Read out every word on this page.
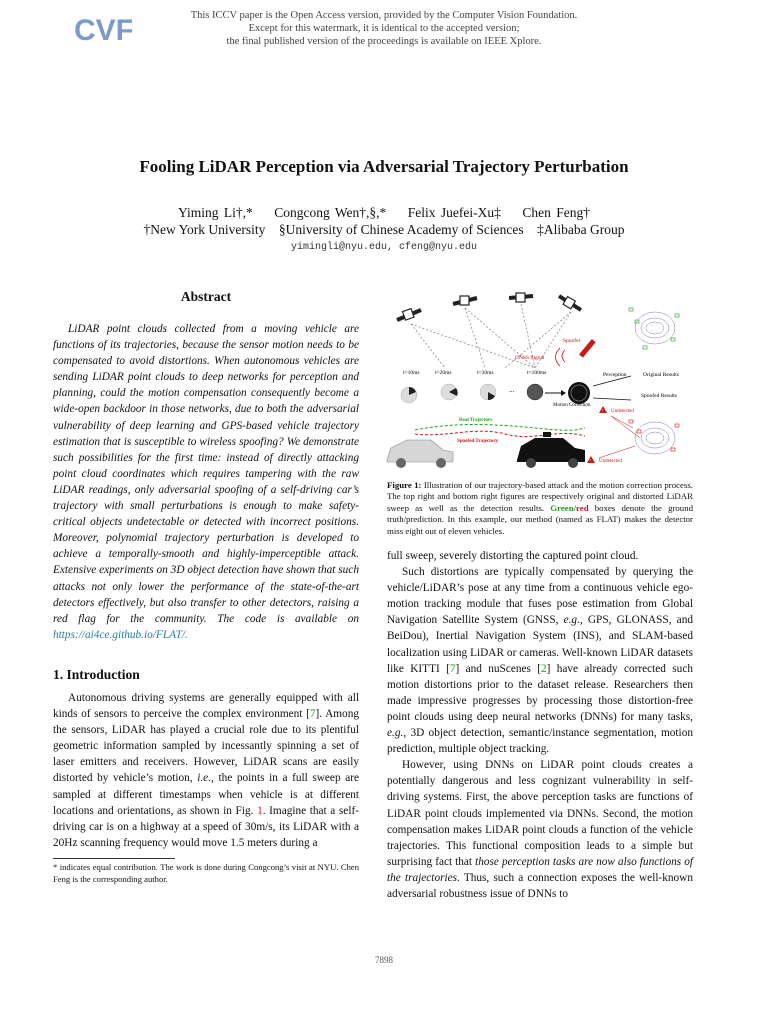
CVF	This ICCV paper is the Open Access version, provided by the Computer Vision Foundation.
Except for this watermark, it is identical to the accepted version;
the final published version of the proceedings is available on IEEE Xplore.
Fooling LiDAR Perception via Adversarial Trajectory Perturbation
Yiming Li†,*    Congcong Wen†,§,*    Felix Juefei-Xu‡    Chen Feng†
†New York University    §University of Chinese Academy of Sciences    ‡Alibaba Group
yimingli@nyu.edu, cfeng@nyu.edu
Abstract

LiDAR point clouds collected from a moving vehicle are functions of its trajectories, because the sensor motion needs to be compensated to avoid distortions. When autonomous vehicles are sending LiDAR point clouds to deep networks for perception and planning, could the motion compensation consequently become a wide-open backdoor in those networks, due to both the adversarial vulnerability of deep learning and GPS-based vehicle trajectory estimation that is susceptible to wireless spoofing? We demonstrate such possibilities for the first time: instead of directly attacking point cloud coordinates which requires tampering with the raw LiDAR readings, only adversarial spoofing of a self-driving car’s trajectory with small perturbations is enough to make safety-critical objects undetectable or detected with incorrect positions. Moreover, polynomial trajectory perturbation is developed to achieve a temporally-smooth and highly-imperceptible attack. Extensive experiments on 3D object detection have shown that such attacks not only lower the performance of the state-of-the-art detectors effectively, but also transfer to other detectors, raising a red flag for the community. The code is available on https://ai4ce.github.io/FLAT/.

1. Introduction

Autonomous driving systems are generally equipped with all kinds of sensors to perceive the complex environment [7]. Among the sensors, LiDAR has played a crucial role due to its plentiful geometric information sampled by incessantly spinning a set of laser emitters and receivers. However, LiDAR scans are easily distorted by vehicle’s motion, i.e., the points in a full sweep are sampled at different timestamps when vehicle is at different locations and orientations, as shown in Fig. 1. Imagine that a self-driving car is on a highway at a speed of 30m/s, its LiDAR with a 20Hz scanning frequency would move 1.5 meters during a

* indicates equal contribution. The work is done during Congcong’s visit at NYU. Chen Feng is the corresponding author.
GNSS Signal
Spoofer
t=10ms	t=20ms	t=30ms	t=100ms
...
Motion Correction
Perception	Original Results
Spoofed Results
! Undetected
! Undetected
Real Trajectory
Spoofed Trajectory
Figure 1: Illustration of our trajectory-based attack and the motion correction process. The top right and bottom right figures are respectively original and distorted LiDAR sweep as well as the detection results. Green/red boxes denote the ground truth/prediction. In this example, our method (named as FLAT) makes the detector miss eight out of eleven vehicles.
full sweep, severely distorting the captured point cloud.

Such distortions are typically compensated by querying the vehicle/LiDAR’s pose at any time from a continuous vehicle ego-motion tracking module that fuses pose estimation from Global Navigation Satellite System (GNSS, e.g., GPS, GLONASS, and BeiDou), Inertial Navigation System (INS), and SLAM-based localization using LiDAR or cameras. Well-known LiDAR datasets like KITTI [7] and nuScenes [2] have already corrected such motion distortions prior to the dataset release. Researchers then made impressive progresses by processing those distortion-free point clouds using deep neural networks (DNNs) for many tasks, e.g., 3D object detection, semantic/instance segmentation, motion prediction, multiple object tracking.

However, using DNNs on LiDAR point clouds creates a potentially dangerous and less cognizant vulnerability in self-driving systems. First, the above perception tasks are functions of LiDAR point clouds implemented via DNNs. Second, the motion compensation makes LiDAR point clouds a function of the vehicle trajectories. This functional composition leads to a simple but surprising fact that those perception tasks are now also functions of the trajectories. Thus, such a connection exposes the well-known adversarial robustness issue of DNNs to

7898
